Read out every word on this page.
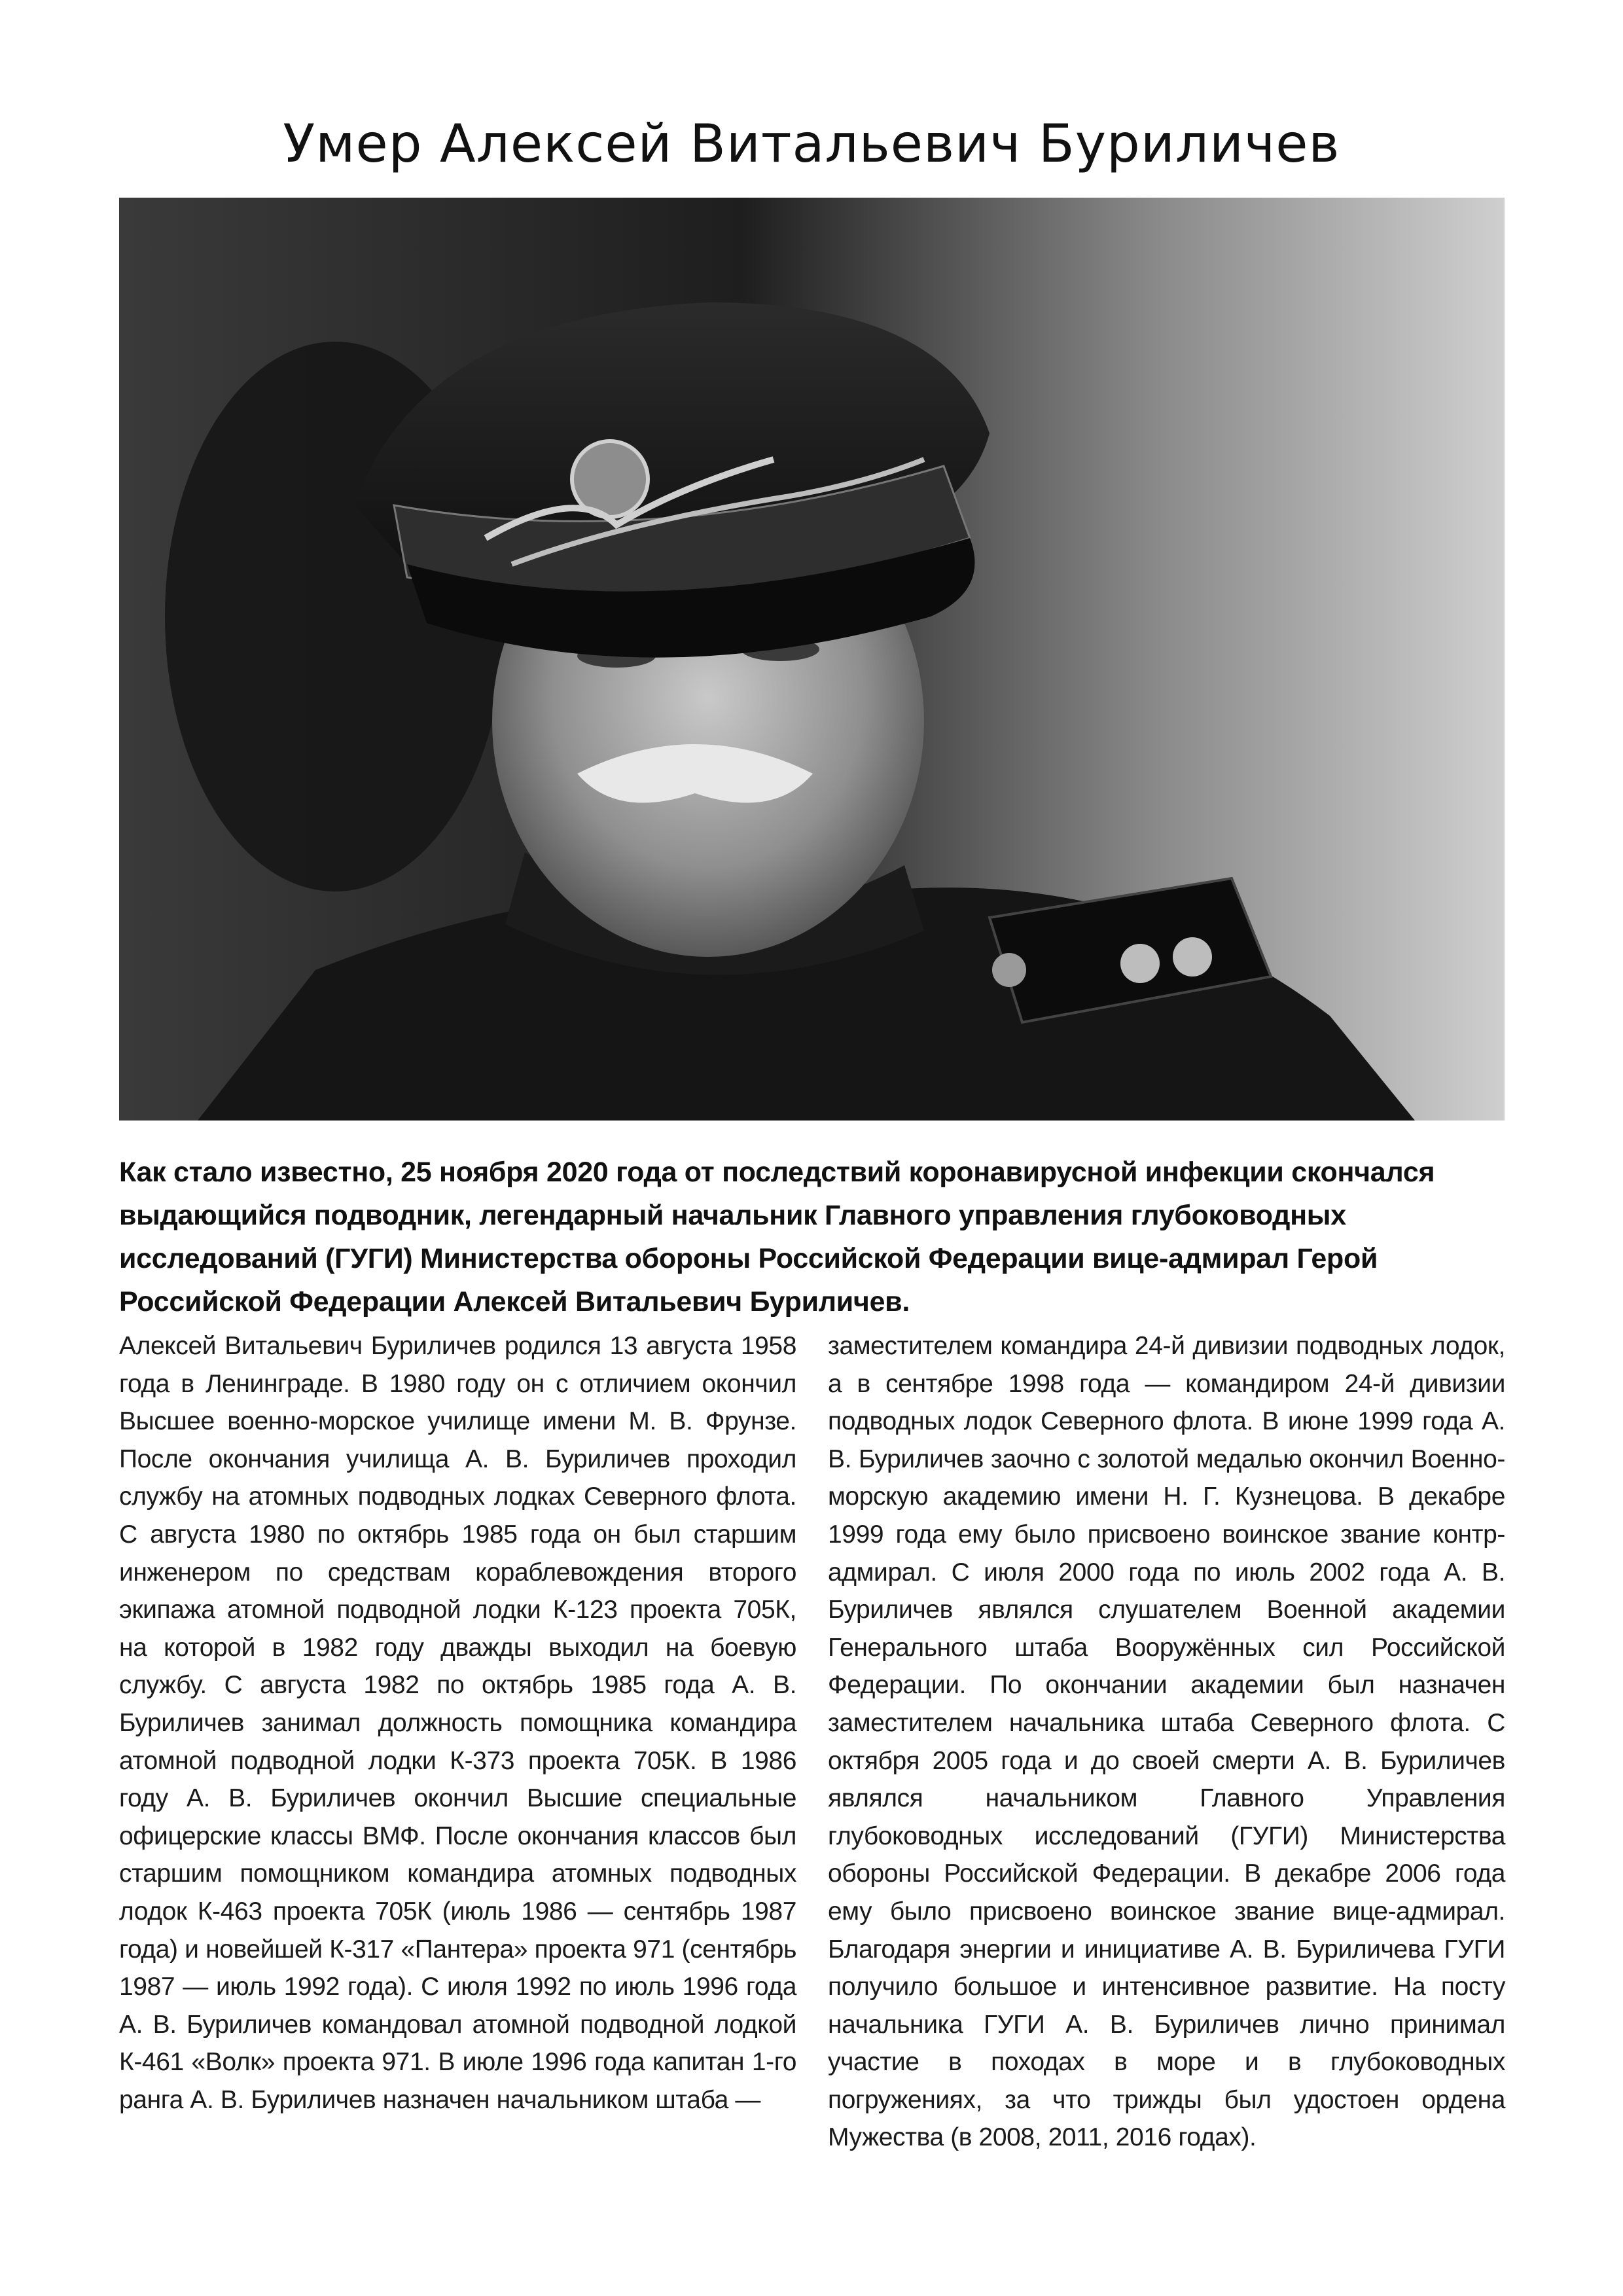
Умер Алексей Витальевич Буриличев

Как стало известно, 25 ноября 2020 года от последствий коронавирусной инфекции скончался выдающийся подводник, легендарный начальник Главного управления глубоководных исследований (ГУГИ) Министерства обороны Российской Федерации вице-адмирал Герой Российской Федерации Алексей Витальевич Буриличев.

Алексей Витальевич Буриличев родился 13 августа 1958 года в Ленинграде. В 1980 году он с отличием окончил Высшее военно-морское училище имени М. В. Фрунзе. После окончания училища А. В. Буриличев проходил службу на атомных подводных лодках Северного флота. С августа 1980 по октябрь 1985 года он был старшим инженером по средствам кораблевождения второго экипажа атомной подводной лодки К-123 проекта 705К, на которой в 1982 году дважды выходил на боевую службу. С августа 1982 по октябрь 1985 года А. В. Буриличев занимал должность помощника командира атомной подводной лодки К-373 проекта 705К. В 1986 году А. В. Буриличев окончил Высшие специальные офицерские классы ВМФ. После окончания классов был старшим помощником командира атомных подводных лодок К-463 проекта 705К (июль 1986 — сентябрь 1987 года) и новейшей К-317 «Пантера» проекта 971 (сентябрь 1987 — июль 1992 года). С июля 1992 по июль 1996 года А. В. Буриличев командовал атомной подводной лодкой К-461 «Волк» проекта 971. В июле 1996 года капитан 1-го ранга А. В. Буриличев назначен начальником штаба —

заместителем командира 24-й дивизии подводных лодок, а в сентябре 1998 года — командиром 24-й дивизии подводных лодок Северного флота. В июне 1999 года А. В. Буриличев заочно с золотой медалью окончил Военно-морскую академию имени Н. Г. Кузнецова. В декабре 1999 года ему было присвоено воинское звание контр-адмирал. С июля 2000 года по июль 2002 года А. В. Буриличев являлся слушателем Военной академии Генерального штаба Вооружённых сил Российской Федерации. По окончании академии был назначен заместителем начальника штаба Северного флота. С октября 2005 года и до своей смерти А. В. Буриличев являлся начальником Главного Управления глубоководных исследований (ГУГИ) Министерства обороны Российской Федерации. В декабре 2006 года ему было присвоено воинское звание вице-адмирал. Благодаря энергии и инициативе А. В. Буриличева ГУГИ получило большое и интенсивное развитие. На посту начальника ГУГИ А. В. Буриличев лично принимал участие в походах в море и в глубоководных погружениях, за что трижды был удостоен ордена Мужества (в 2008, 2011, 2016 годах).
